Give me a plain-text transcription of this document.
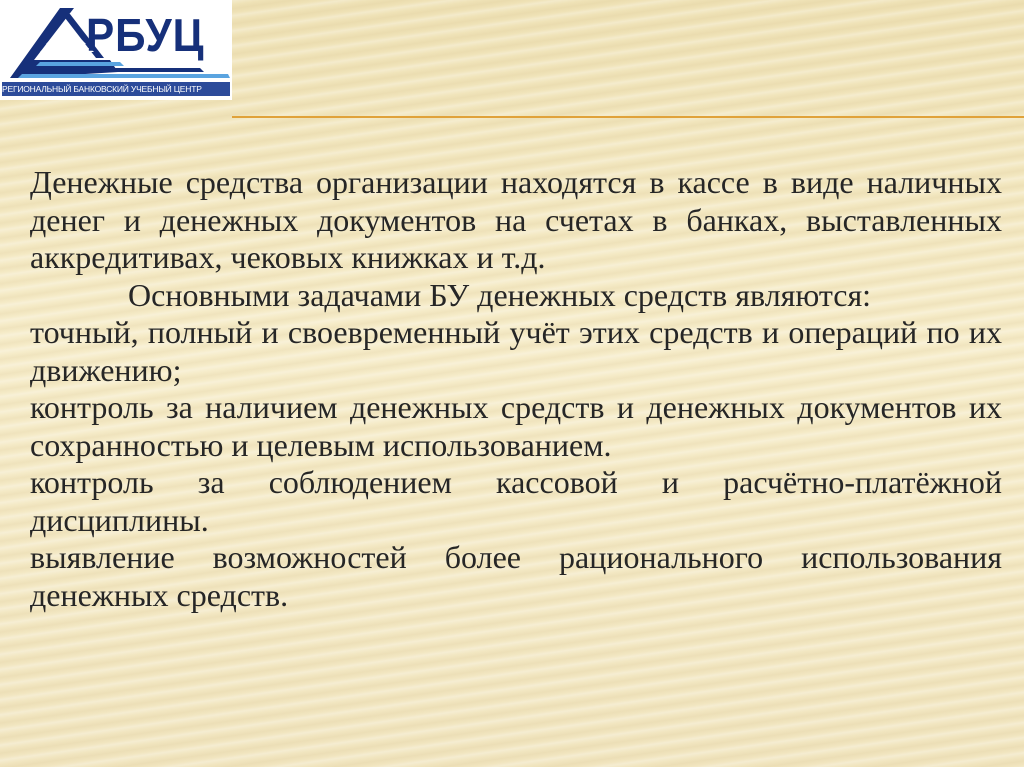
РБУЦ
РЕГИОНАЛЬНЫЙ БАНКОВСКИЙ УЧЕБНЫЙ ЦЕНТР

Денежные средства организации находятся в кассе в виде наличных денег и денежных документов на счетах в банках, выставленных аккредитивах, чековых книжках и т.д.

Основными задачами БУ денежных средств являются:

точный, полный и своевременный учёт этих средств и операций по их движению;

контроль за наличием денежных средств и денежных документов их сохранностью и целевым использованием.

контроль за соблюдением кассовой и расчётно-платёжной дисциплины.

выявление возможностей более рационального использования денежных средств.
